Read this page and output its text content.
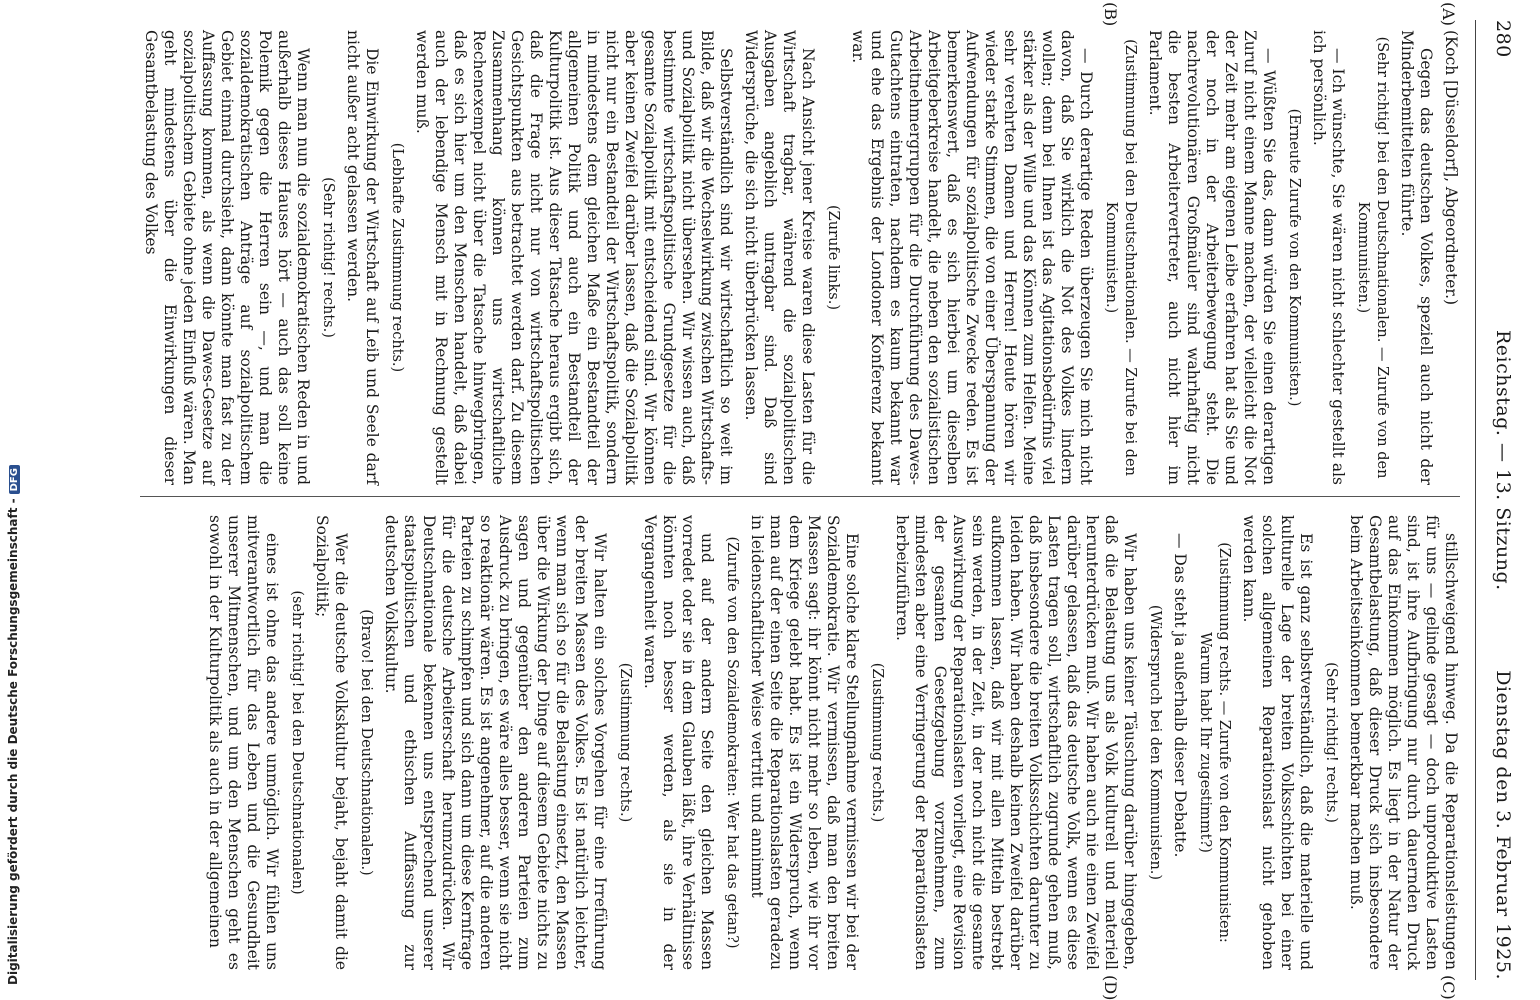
280
Reichstag. — 13. Sitzung.
Dienstag den 3. Februar 1925.
(A)
(B)
(C)
(D)

(Koch [Düsseldorf], Abgeordneter.)

Gegen das deutschen Volkes, speziell auch nicht der Minderbemittelten führte.

(Sehr richtig! bei den Deutschnationalen. — Zurufe von den Kommunisten.)

— Ich wünschte, Sie wären nicht schlechter gestellt als ich persönlich.

(Erneute Zurufe von den Kommunisten.)

— Wüßten Sie das, dann würden Sie einen derartigen Zuruf nicht einem Manne machen, der vielleicht die Not der Zeit mehr am eigenen Leibe erfahren hat als Sie und der noch in der Arbeiterbewegung steht. Die nachrevolutionären Großmäuler sind wahrhaftig nicht die besten Arbeitervertreter, auch nicht hier im Parlament.

(Zustimmung bei den Deutschnationalen. — Zurufe bei den Kommunisten.)

— Durch derartige Reden überzeugen Sie mich nicht davon, daß Sie wirklich die Not des Volkes lindern wollen; denn bei Ihnen ist das Agitationsbedürfnis viel stärker als der Wille und das Können zum Helfen. Meine sehr verehrten Damen und Herren! Heute hören wir wieder starke Stimmen, die von einer Überspannung der Aufwendungen für sozialpolitische Zwecke reden. Es ist bemerkenswert, daß es sich hierbei um dieselben Arbeitgeberkreise handelt, die neben den sozialistischen Arbeitnehmergruppen für die Durchführung des Dawes-Gutachtens eintraten, nachdem es kaum bekannt war und ehe das Ergebnis der Londoner Konferenz bekannt war.

(Zurufe links.)

Nach Ansicht jener Kreise waren diese Lasten für die Wirtschaft tragbar, während die sozialpolitischen Ausgaben angeblich untragbar sind. Daß sind Widersprüche, die sich nicht überbrücken lassen.

Selbstverständlich sind wir wirtschaftlich so weit im Bilde, daß wir die Wechselwirkung zwischen Wirtschafts- und Sozialpolitik nicht übersehen. Wir wissen auch, daß bestimmte wirtschaftspolitische Grundgesetze für die gesamte Sozialpolitik mit entscheidend sind. Wir können aber keinen Zweifel darüber lassen, daß die Sozialpolitik nicht nur ein Bestandteil der Wirtschaftspolitik, sondern in mindestens dem gleichen Maße ein Bestandteil der allgemeinen Politik und auch ein Bestandteil der Kulturpolitik ist. Aus dieser Tatsache heraus ergibt sich, daß die Frage nicht nur von wirtschaftspolitischen Gesichtspunkten aus betrachtet werden darf. Zu diesem Zusammenhang können uns wirtschaftliche Rechenexempel nicht über die Tatsache hinwegbringen, daß es sich hier um den Menschen handelt, daß dabei auch der lebendige Mensch mit in Rechnung gestellt werden muß.

(Lebhafte Zustimmung rechts.)

Die Einwirkung der Wirtschaft auf Leib und Seele darf nicht außer acht gelassen werden.

(Sehr richtig! rechts.)

Wenn man nun die sozialdemokratischen Reden in und außerhalb dieses Hauses hört — auch das soll keine Polemik gegen die Herren sein —, und man die sozialdemokratischen Anträge auf sozialpolitischem Gebiet einmal durchsieht, dann könnte man fast zu der Auffassung kommen, als wenn die Dawes-Gesetze auf sozialpolitischem Gebiete ohne jeden Einfluß wären. Man geht mindestens über die Einwirkungen dieser Gesamtbelastung des Volkes

stillschweigend hinweg. Da die Reparationsleistungen für uns — gelinde gesagt — doch unproduktive Lasten sind, ist ihre Aufbringung nur durch dauernden Druck auf das Einkommen möglich. Es liegt in der Natur der Gesamtbelastung, daß dieser Druck sich insbesondere beim Arbeitseinkommen bemerkbar machen muß.

(Sehr richtig! rechts.)

Es ist ganz selbstverständlich, daß die materielle und kulturelle Lage der breiten Volksschichten bei einer solchen allgemeinen Reparationslast nicht gehoben werden kann.

(Zustimmung rechts. — Zurufe von den Kommunisten: Warum habt Ihr zugestimmt?)

— Das steht ja außerhalb dieser Debatte.

(Widerspruch bei den Kommunisten.)

Wir haben uns keiner Täuschung darüber hingegeben, daß die Belastung uns als Volk kulturell und materiell herunterdrücken muß. Wir haben auch nie einen Zweifel darüber gelassen, daß das deutsche Volk, wenn es diese Lasten tragen soll, wirtschaftlich zugrunde gehen muß, daß insbesondere die breiten Volksschichten darunter zu leiden haben. Wir haben deshalb keinen Zweifel darüber aufkommen lassen, daß wir mit allen Mitteln bestrebt sein werden, in der Zeit, in der noch nicht die gesamte Auswirkung der Reparationslasten vorliegt, eine Revision der gesamten Gesetzgebung vorzunehmen, zum mindesten aber eine Verringerung der Reparationslasten herbeizuführen.

(Zustimmung rechts.)

Eine solche klare Stellungnahme vermissen wir bei der Sozialdemokratie. Wir vermissen, daß man den breiten Massen sagt: ihr könnt nicht mehr so leben, wie ihr vor dem Kriege gelebt habt. Es ist ein Widerspruch, wenn man auf der einen Seite die Reparationslasten geradezu in leidenschaftlicher Weise vertritt und annimmt

(Zurufe von den Sozialdemokraten: Wer hat das getan?)

und auf der andern Seite den gleichen Massen vorredet oder sie in dem Glauben läßt, ihre Verhältnisse könnten noch besser werden, als sie in der Vergangenheit waren.

(Zustimmung rechts.)

Wir halten ein solches Vorgehen für eine Irreführung der breiten Massen des Volkes. Es ist natürlich leichter, wenn man sich so für die Belastung einsetzt, den Massen über die Wirkung der Dinge auf diesem Gebiete nichts zu sagen und gegenüber den anderen Parteien zum Ausdruck zu bringen, es wäre alles besser, wenn sie nicht so reaktionär wären. Es ist angenehmer, auf die anderen Parteien zu schimpfen und sich dann um diese Kernfrage für die deutsche Arbeiterschaft herumzudrücken. Wir Deutschnationale bekennen uns entsprechend unserer staatspolitischen und ethischen Auffassung zur deutschen Volkskultur.

(Bravo! bei den Deutschnationalen.)

Wer die deutsche Volkskultur bejaht, bejaht damit die Sozialpolitik;

(sehr richtig! bei den Deutschnationalen)

eines ist ohne das andere unmöglich. Wir fühlen uns mitverantwortlich für das Leben und die Gesundheit unserer Mitmenschen, und um den Menschen geht es sowohl in der Kulturpolitik als auch in der allgemeinen

Digitalisierung gefördert durch die Deutsche Forschungsgemeinschaft -DFG
